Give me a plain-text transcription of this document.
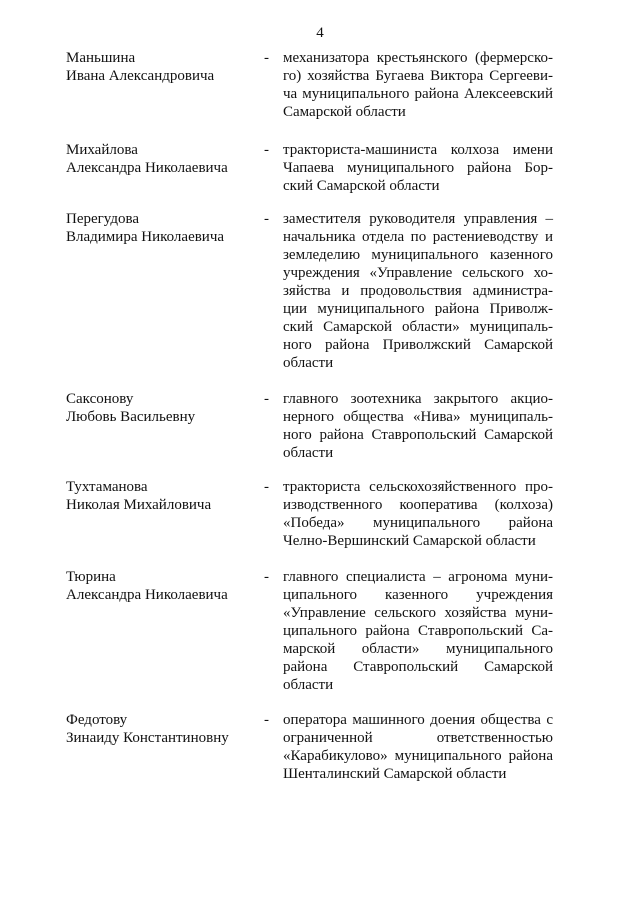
4
Маньшина
Ивана Александровича
- механизатора крестьянского (фермерско-
го) хозяйства Бугаева Виктора Сергееви-
ча муниципального района Алексеевский
Самарской области
Михайлова
Александра Николаевича
- тракториста-машиниста колхоза имени
Чапаева муниципального района Бор-
ский Самарской области
Перегудова
Владимира Николаевича
- заместителя руководителя управления –
начальника отдела по растениеводству и
земледелию муниципального казенного
учреждения «Управление сельского хо-
зяйства и продовольствия администра-
ции муниципального района Приволж-
ский Самарской области» муниципаль-
ного района Приволжский Самарской
области
Саксонову
Любовь Васильевну
- главного зоотехника закрытого акцио-
нерного общества «Нива» муниципаль-
ного района Ставропольский Самарской
области
Тухтаманова
Николая Михайловича
- тракториста сельскохозяйственного про-
изводственного кооператива (колхоза)
«Победа» муниципального района
Челно-Вершинский Самарской области
Тюрина
Александра Николаевича
- главного специалиста – агронома муни-
ципального казенного учреждения
«Управление сельского хозяйства муни-
ципального района Ставропольский Са-
марской области» муниципального
района Ставропольский Самарской
области
Федотову
Зинаиду Константиновну
- оператора машинного доения общества с
ограниченной ответственностью
«Карабикулово» муниципального района
Шенталинский Самарской области
